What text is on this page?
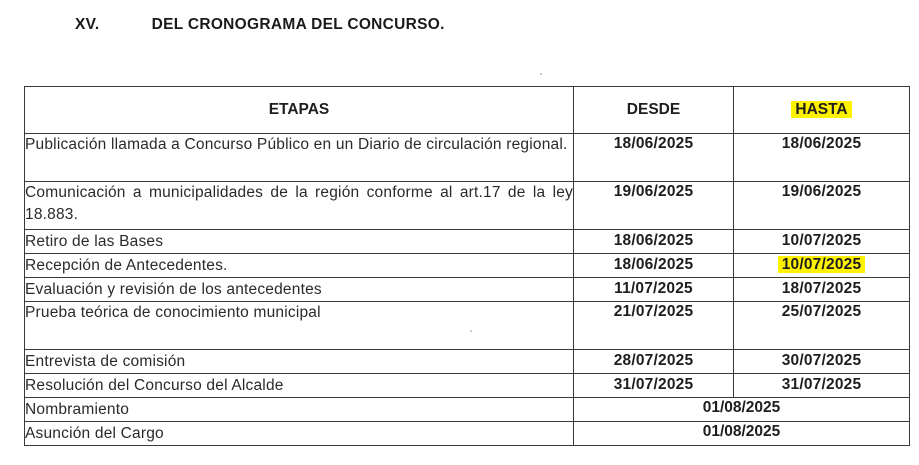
XV.	DEL CRONOGRAMA DEL CONCURSO.
ETAPAS	DESDE	HASTA
Publicación llamada a Concurso Público en un Diario de circulación regional.	18/06/2025	18/06/2025
Comunicación a municipalidades de la región conforme al art.17 de la ley 18.883.	19/06/2025	19/06/2025
Retiro de las Bases	18/06/2025	10/07/2025
Recepción de Antecedentes.	18/06/2025	10/07/2025
Evaluación y revisión de los antecedentes	11/07/2025	18/07/2025
Prueba teórica de conocimiento municipal	21/07/2025	25/07/2025
Entrevista de comisión	28/07/2025	30/07/2025
Resolución del Concurso del Alcalde	31/07/2025	31/07/2025
Nombramiento	01/08/2025	
Asunción del Cargo	01/08/2025	
